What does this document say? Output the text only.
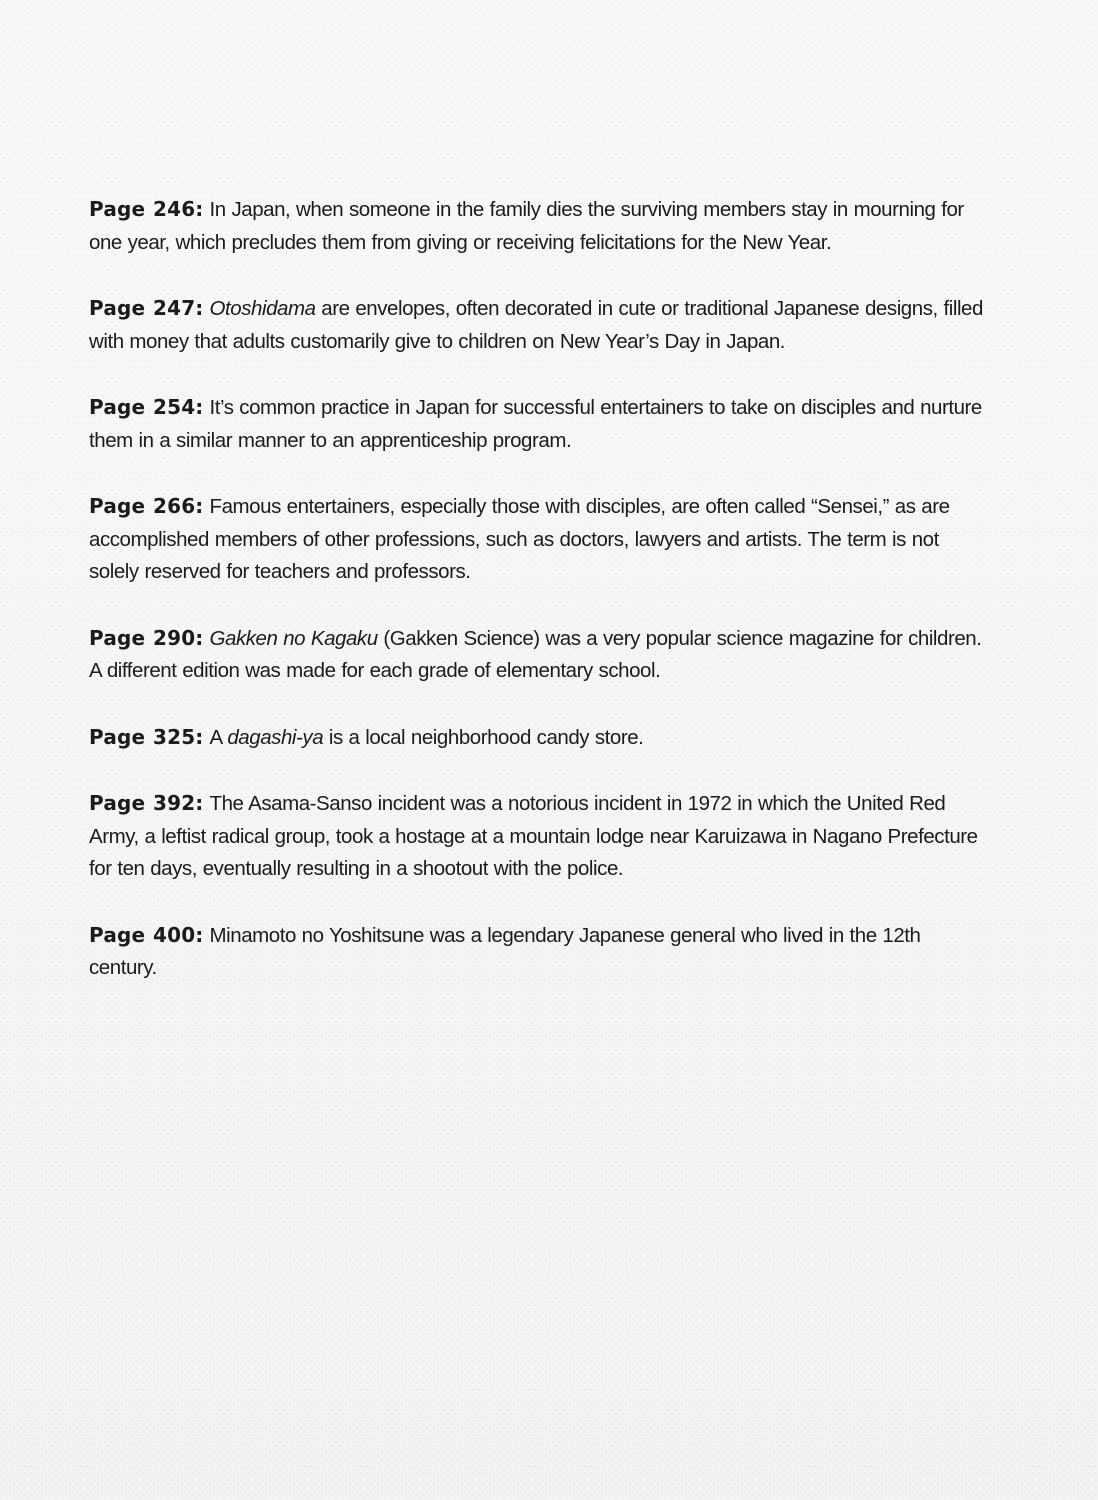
Page 246: In Japan, when someone in the family dies the surviving members stay in mourning for one year, which precludes them from giving or receiving felicitations for the New Year.

Page 247: Otoshidama are envelopes, often decorated in cute or traditional Japanese designs, filled with money that adults customarily give to children on New Year’s Day in Japan.

Page 254: It’s common practice in Japan for successful entertainers to take on disciples and nurture them in a similar manner to an apprenticeship program.

Page 266: Famous entertainers, especially those with disciples, are often called “Sensei,” as are accomplished members of other professions, such as doctors, lawyers and artists. The term is not solely reserved for teachers and professors.

Page 290: Gakken no Kagaku (Gakken Science) was a very popular science magazine for children. A different edition was made for each grade of elementary school.

Page 325: A dagashi-ya is a local neighborhood candy store.

Page 392: The Asama-Sanso incident was a notorious incident in 1972 in which the United Red Army, a leftist radical group, took a hostage at a mountain lodge near Karuizawa in Nagano Prefecture for ten days, eventually resulting in a shootout with the police.

Page 400: Minamoto no Yoshitsune was a legendary Japanese general who lived in the 12th century.
